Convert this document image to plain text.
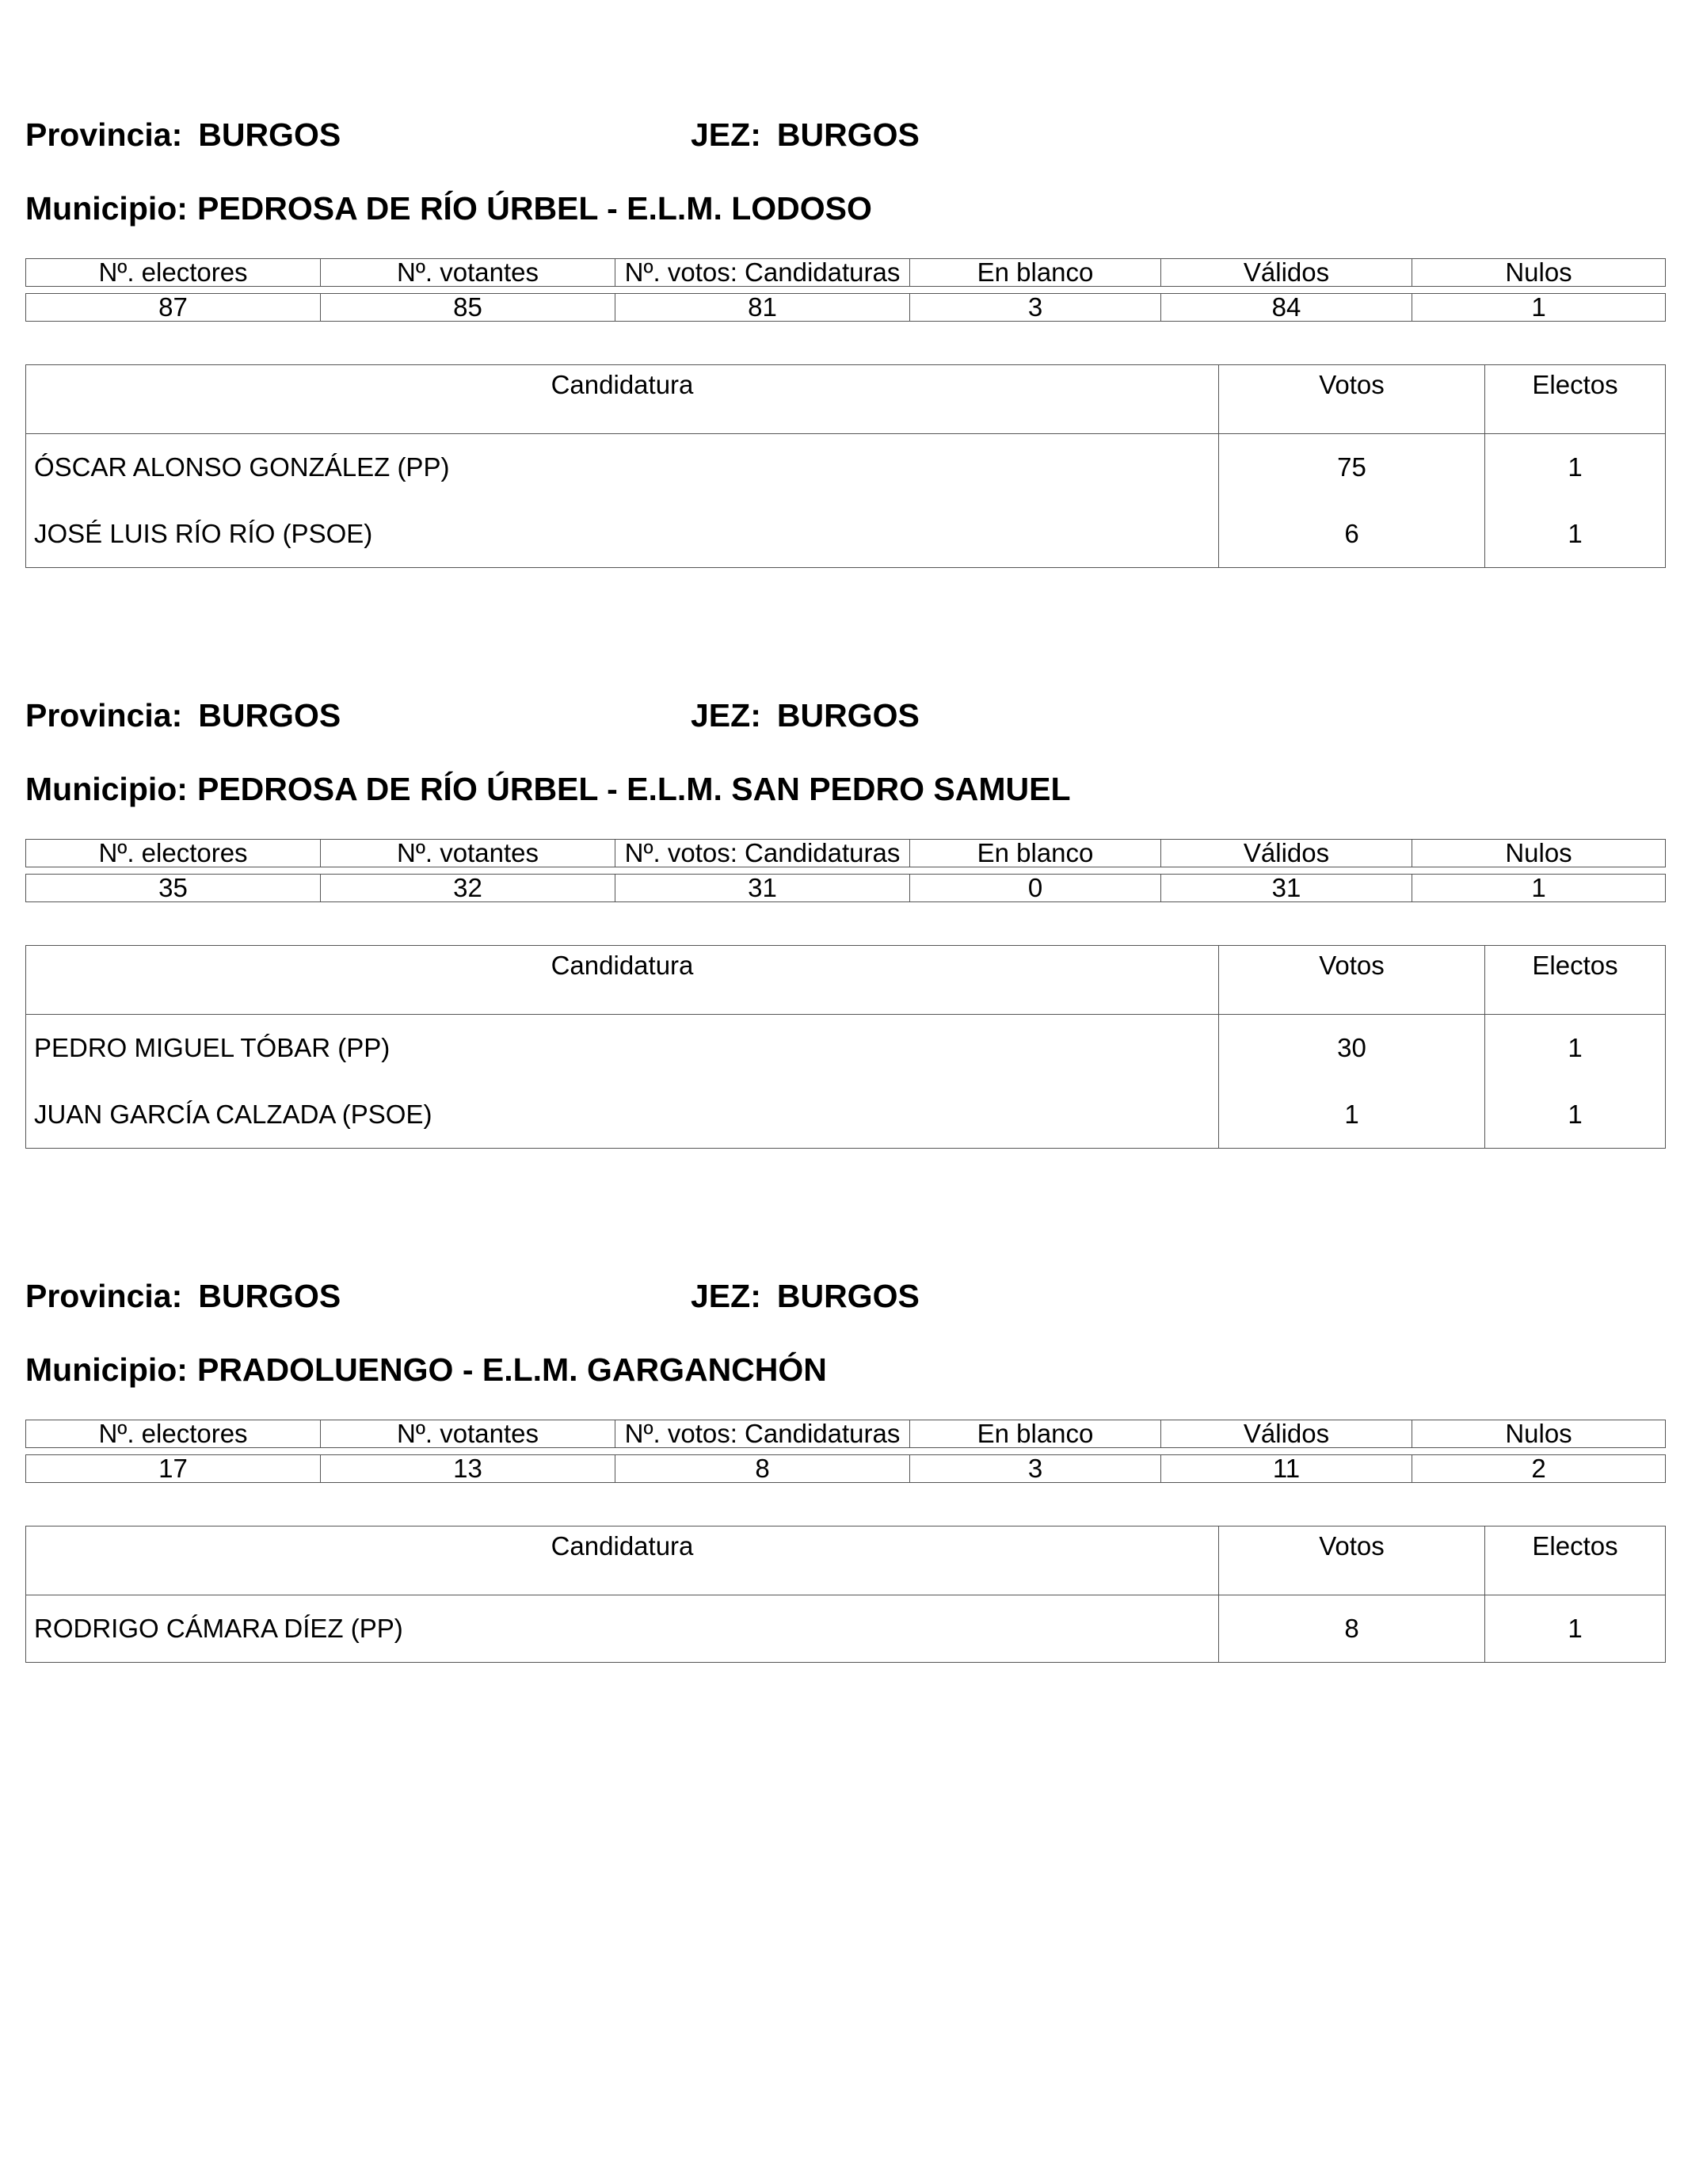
Provincia: BURGOS	JEZ: BURGOS
Municipio: PEDROSA DE RÍO ÚRBEL - E.L.M. LODOSO
Nº. electores	Nº. votantes	Nº. votos: Candidaturas	En blanco	Válidos	Nulos

87	85	81	3	84	1
Candidatura	Votos	Electos
ÓSCAR ALONSO GONZÁLEZ (PP)	75	1
JOSÉ LUIS RÍO RÍO (PSOE)	6	1
Provincia: BURGOS	JEZ: BURGOS
Municipio: PEDROSA DE RÍO ÚRBEL - E.L.M. SAN PEDRO SAMUEL
Nº. electores	Nº. votantes	Nº. votos: Candidaturas	En blanco	Válidos	Nulos

35	32	31	0	31	1
Candidatura	Votos	Electos
PEDRO MIGUEL TÓBAR (PP)	30	1
JUAN GARCÍA CALZADA (PSOE)	1	1
Provincia: BURGOS	JEZ: BURGOS
Municipio: PRADOLUENGO - E.L.M. GARGANCHÓN
Nº. electores	Nº. votantes	Nº. votos: Candidaturas	En blanco	Válidos	Nulos

17	13	8	3	11	2
Candidatura	Votos	Electos
RODRIGO CÁMARA DÍEZ (PP)	8	1
